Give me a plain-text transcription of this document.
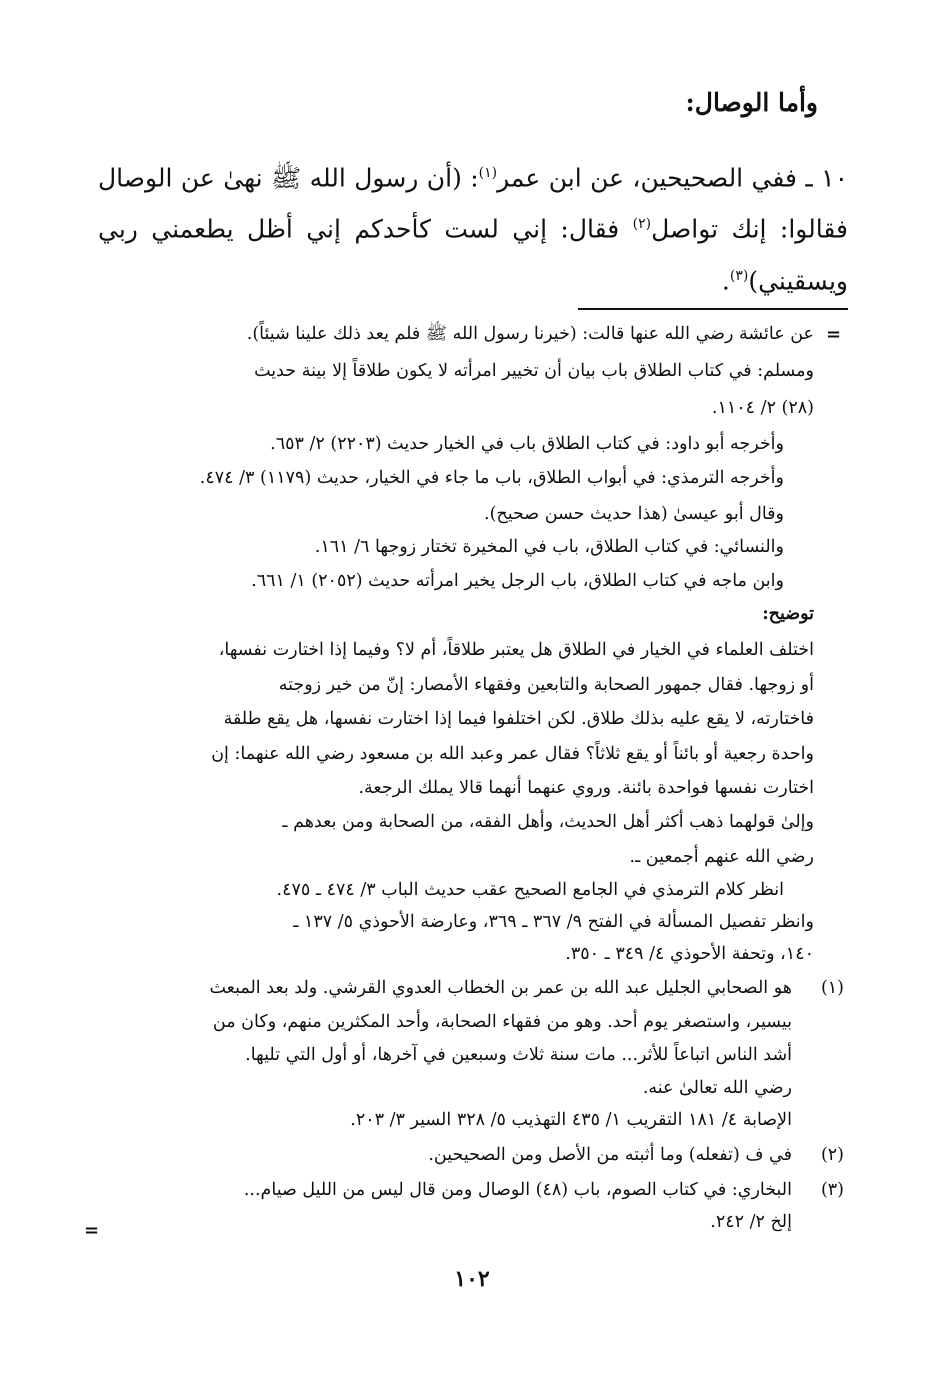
وأما الوصال:
١٠ ـ ففي الصحيحين، عن ابن عمر$^{(١)}$: (أن رسول الله ﷺ نهىٰ عن الوصال فقالوا: إنك تواصل$^{(٢)}$ فقال: إني لست كأحدكم إني أظل يطعمني ربي ويسقيني)$^{(٣)}$.
=
عن عائشة رضي الله عنها قالت: (خيرنا رسول الله ﷺ فلم يعد ذلك علينا شيئاً).
ومسلم: في كتاب الطلاق باب بيان أن تخيير امرأته لا يكون طلاقاً إلا بينة حديث
(٢٨) ٢/ ١١٠٤.
وأخرجه أبو داود: في كتاب الطلاق باب في الخيار حديث (٢٢٠٣) ٢/ ٦٥٣.
وأخرجه الترمذي: في أبواب الطلاق، باب ما جاء في الخيار، حديث (١١٧٩) ٣/ ٤٧٤.
وقال أبو عيسىٰ (هذا حديث حسن صحيح).
والنسائي: في كتاب الطلاق، باب في المخيرة تختار زوجها ٦/ ١٦١.
وابن ماجه في كتاب الطلاق، باب الرجل يخير امرأته حديث (٢٠٥٢) ١/ ٦٦١.
توضيح:
اختلف العلماء في الخيار في الطلاق هل يعتبر طلاقاً، أم لا؟ وفيما إذا اختارت نفسها،
أو زوجها. فقال جمهور الصحابة والتابعين وفقهاء الأمصار: إنّ من خير زوجته
فاختارته، لا يقع عليه بذلك طلاق. لكن اختلفوا فيما إذا اختارت نفسها، هل يقع طلقة
واحدة رجعية أو بائناً أو يقع ثلاثاً؟ فقال عمر وعبد الله بن مسعود رضي الله عنهما: إن
اختارت نفسها فواحدة بائنة. وروي عنهما أنهما قالا يملك الرجعة.
وإلىٰ قولهما ذهب أكثر أهل الحديث، وأهل الفقه، من الصحابة ومن بعدهم ـ
رضي الله عنهم أجمعين ـ.
انظر كلام الترمذي في الجامع الصحيح عقب حديث الباب ٣/ ٤٧٤ ـ ٤٧٥.
وانظر تفصيل المسألة في الفتح ٩/ ٣٦٧ ـ ٣٦٩، وعارضة الأحوذي ٥/ ١٣٧ ـ
١٤٠، وتحفة الأحوذي ٤/ ٣٤٩ ـ ٣٥٠.
(١)
هو الصحابي الجليل عبد الله بن عمر بن الخطاب العدوي القرشي. ولد بعد المبعث
بيسير، واستصغر يوم أحد. وهو من فقهاء الصحابة، وأحد المكثرين منهم، وكان من
أشد الناس اتباعاً للأثر... مات سنة ثلاث وسبعين في آخرها، أو أول التي تليها.
رضي الله تعالىٰ عنه.
الإصابة ٤/ ١٨١ التقريب ١/ ٤٣٥ التهذيب ٥/ ٣٢٨ السير ٣/ ٢٠٣.
(٢)
في ف (تفعله) وما أثبته من الأصل ومن الصحيحين.
(٣)
البخاري: في كتاب الصوم، باب (٤٨) الوصال ومن قال ليس من الليل صيام...
إلخ ٢/ ٢٤٢.
=
١٠٢
